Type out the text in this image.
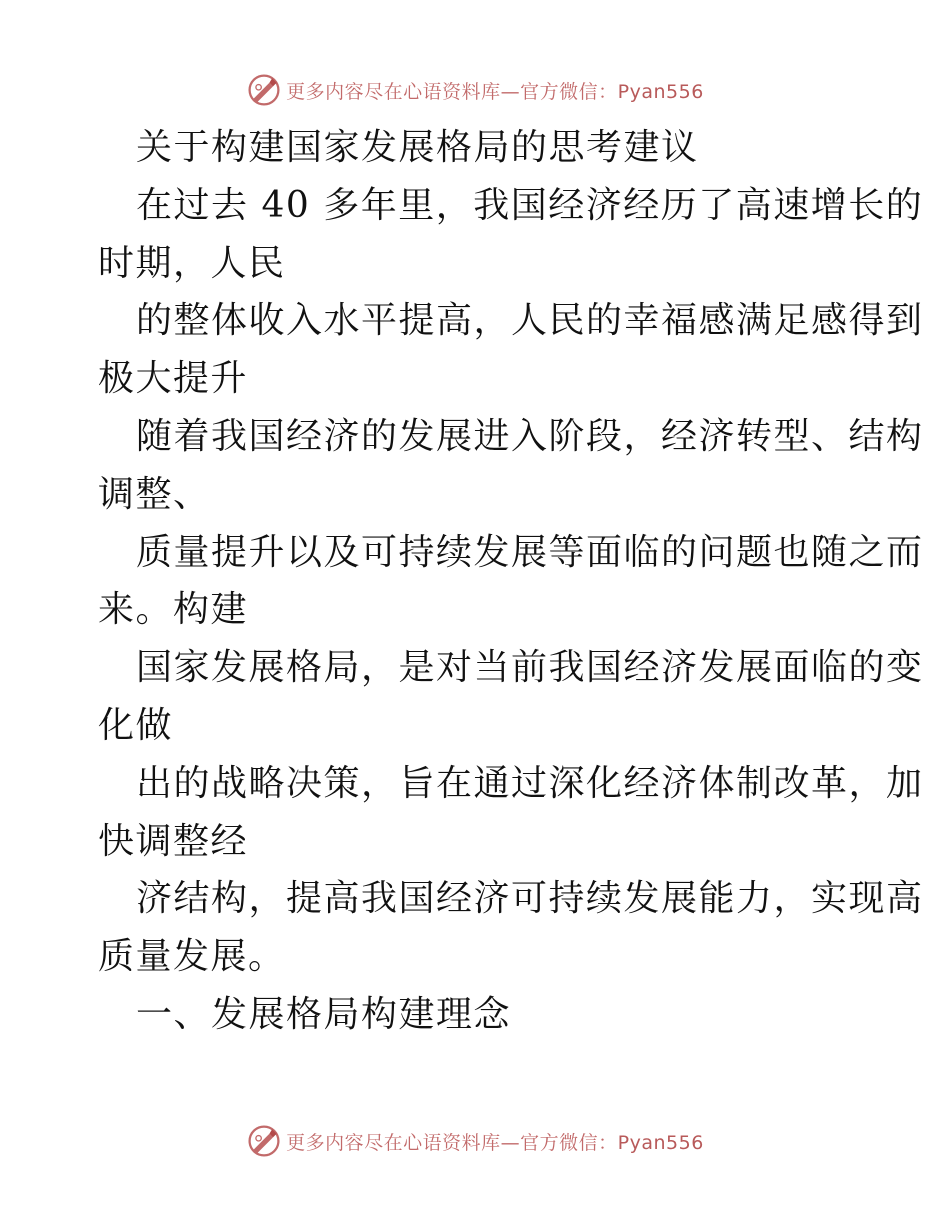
更多内容尽在心语资料库—官方微信：Pyan556
关于构建国家发展格局的思考建议
在过去 40 多年里，我国经济经历了高速增长的
时期，人民
的整体收入水平提高，人民的幸福感满足感得到
极大提升
随着我国经济的发展进入阶段，经济转型、结构
调整、
质量提升以及可持续发展等面临的问题也随之而
来。构建
国家发展格局，是对当前我国经济发展面临的变
化做
出的战略决策，旨在通过深化经济体制改革，加
快调整经
济结构，提高我国经济可持续发展能力，实现高
质量发展。
一、发展格局构建理念
更多内容尽在心语资料库—官方微信：Pyan556
